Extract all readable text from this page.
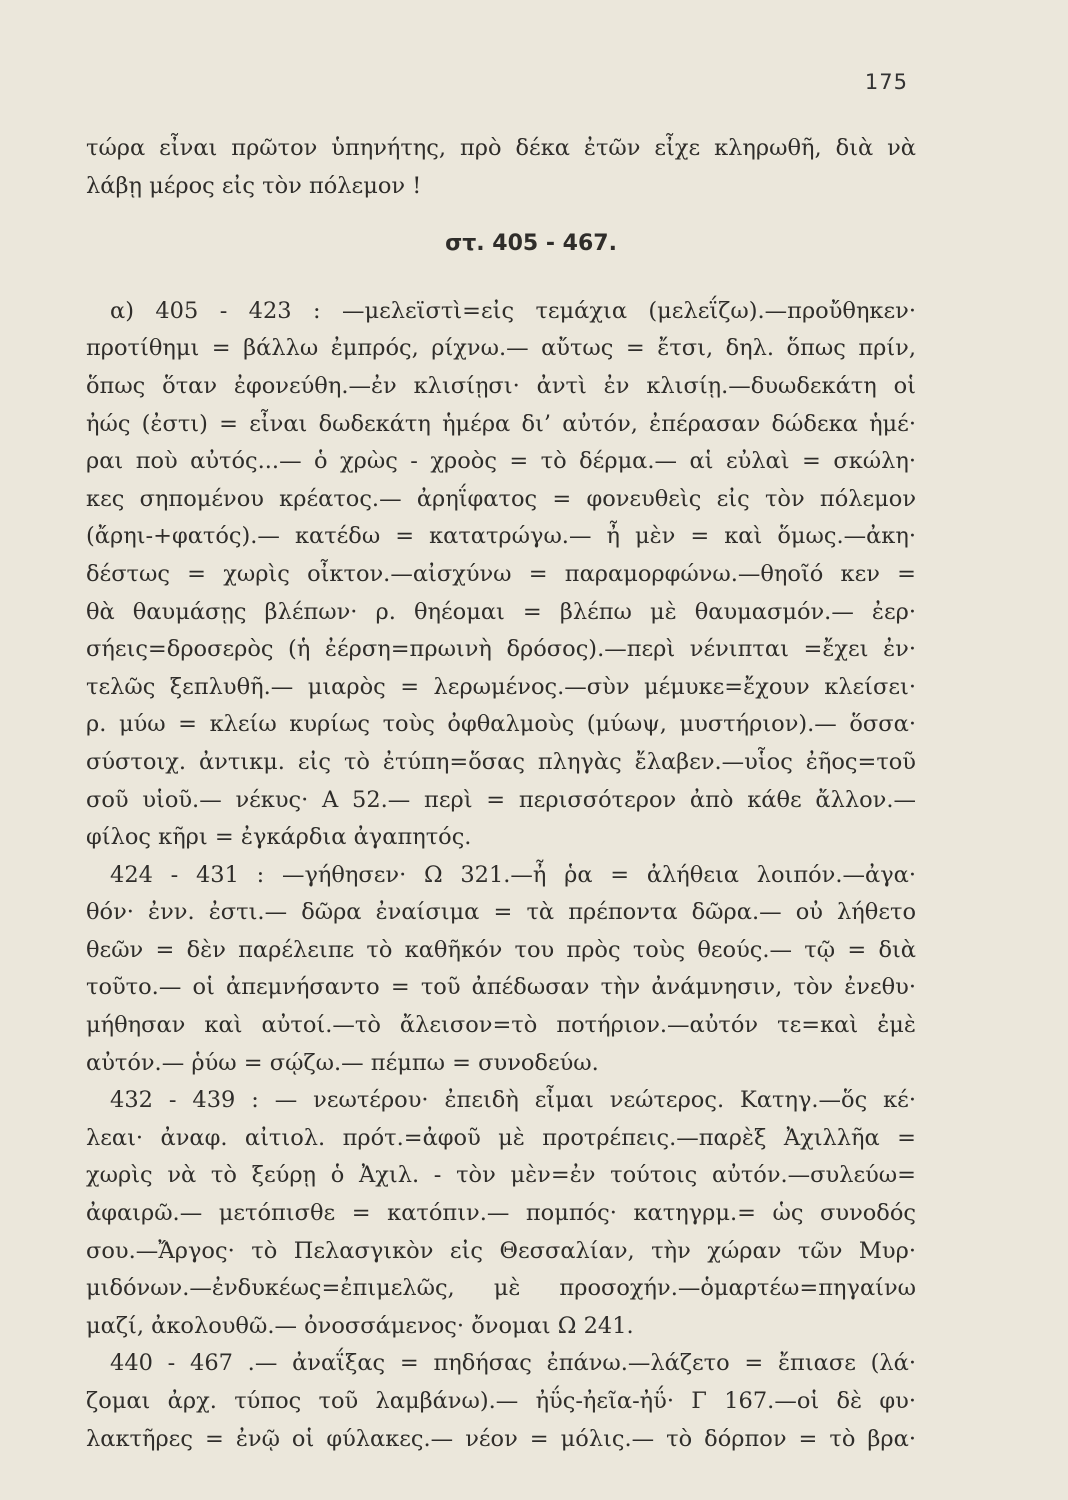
175
τώρα εἶναι πρῶτον ὑπηνήτης, πρὸ δέκα ἐτῶν εἶχε κληρωθῆ, διὰ νὰ
λάβῃ μέρος εἰς τὸν πόλεμον !
στ. 405 - 467.
α) 405 - 423 : —μελεϊστὶ=εἰς τεμάχια (μελεΐζω).—προὔθηκεν·
προτίθημι = βάλλω ἐμπρός, ρίχνω.— αὔτως = ἔτσι, δηλ. ὅπως πρίν,
ὅπως ὅταν ἐφονεύθη.—ἐν κλισίῃσι· ἀντὶ ἐν κλισίῃ.—δυωδεκάτη οἱ
ἠώς (ἐστι) = εἶναι δωδεκάτη ἡμέρα δι’ αὐτόν, ἐπέρασαν δώδεκα ἡμέ·
ραι ποὺ αὐτός...— ὁ χρὼς - χροὸς = τὸ δέρμα.— αἱ εὐλαὶ = σκώλη·
κες σηπομένου κρέατος.— ἀρηΐφατος = φονευθεὶς εἰς τὸν πόλεμον
(ἄρηι-+φατός).— κατέδω = κατατρώγω.— ἦ μὲν = καὶ ὅμως.—ἀκη·
δέστως = χωρὶς οἶκτον.—αἰσχύνω = παραμορφώνω.—θηοῖό κεν =
θὰ θαυμάσῃς βλέπων· ρ. θηέομαι = βλέπω μὲ θαυμασμόν.— ἐερ·
σήεις=δροσερὸς (ἡ ἐέρση=πρωινὴ δρόσος).—περὶ νένιπται =ἔχει ἐν·
τελῶς ξεπλυθῆ.— μιαρὸς = λερωμένος.—σὺν μέμυκε=ἔχουν κλείσει·
ρ. μύω = κλείω κυρίως τοὺς ὀφθαλμοὺς (μύωψ, μυστήριον).— ὅσσα·
σύστοιχ. ἀντικμ. εἰς τὸ ἐτύπη=ὅσας πληγὰς ἔλαβεν.—υἷος ἐῆος=τοῦ
σοῦ υἱοῦ.— νέκυς· Α 52.— περὶ = περισσότερον ἀπὸ κάθε ἄλλον.—
φίλος κῆρι = ἐγκάρδια ἀγαπητός.
424 - 431 : —γήθησεν· Ω 321.—ἦ ῥα = ἀλήθεια λοιπόν.—ἀγα·
θόν· ἐνν. ἐστι.— δῶρα ἐναίσιμα = τὰ πρέποντα δῶρα.— οὐ λήθετο
θεῶν = δὲν παρέλειπε τὸ καθῆκόν του πρὸς τοὺς θεούς.— τῷ = διὰ
τοῦτο.— οἱ ἀπεμνήσαντο = τοῦ ἀπέδωσαν τὴν ἀνάμνησιν, τὸν ἐνεθυ·
μήθησαν καὶ αὐτοί.—τὸ ἄλεισον=τὸ ποτήριον.—αὐτόν τε=καὶ ἐμὲ
αὐτόν.— ῥύω = σῴζω.— πέμπω = συνοδεύω.
432 - 439 : — νεωτέρου· ἐπειδὴ εἶμαι νεώτερος. Κατηγ.—ὅς κέ·
λεαι· ἀναφ. αἰτιολ. πρότ.=ἀφοῦ μὲ προτρέπεις.—παρὲξ Ἀχιλλῆα =
χωρὶς νὰ τὸ ξεύρῃ ὁ Ἀχιλ. - τὸν μὲν=ἐν τούτοις αὐτόν.—συλεύω=
ἀφαιρῶ.— μετόπισθε = κατόπιν.— πομπός· κατηγρμ.= ὡς συνοδός
σου.—Ἄργος· τὸ Πελασγικὸν εἰς Θεσσαλίαν, τὴν χώραν τῶν Μυρ·
μιδόνων.—ἐνδυκέως=ἐπιμελῶς, μὲ προσοχήν.—ὁμαρτέω=πηγαίνω
μαζί, ἀκολουθῶ.— ὀνοσσάμενος· ὄνομαι Ω 241.
440 - 467 .— ἀναΐξας = πηδήσας ἐπάνω.—λάζετο = ἔπιασε (λά·
ζομαι ἀρχ. τύπος τοῦ λαμβάνω).— ἠΰς-ἠεῖα-ἠΰ· Γ 167.—οἱ δὲ φυ·
λακτῆρες = ἐνῷ οἱ φύλακες.— νέον = μόλις.— τὸ δόρπον = τὸ βρα·
